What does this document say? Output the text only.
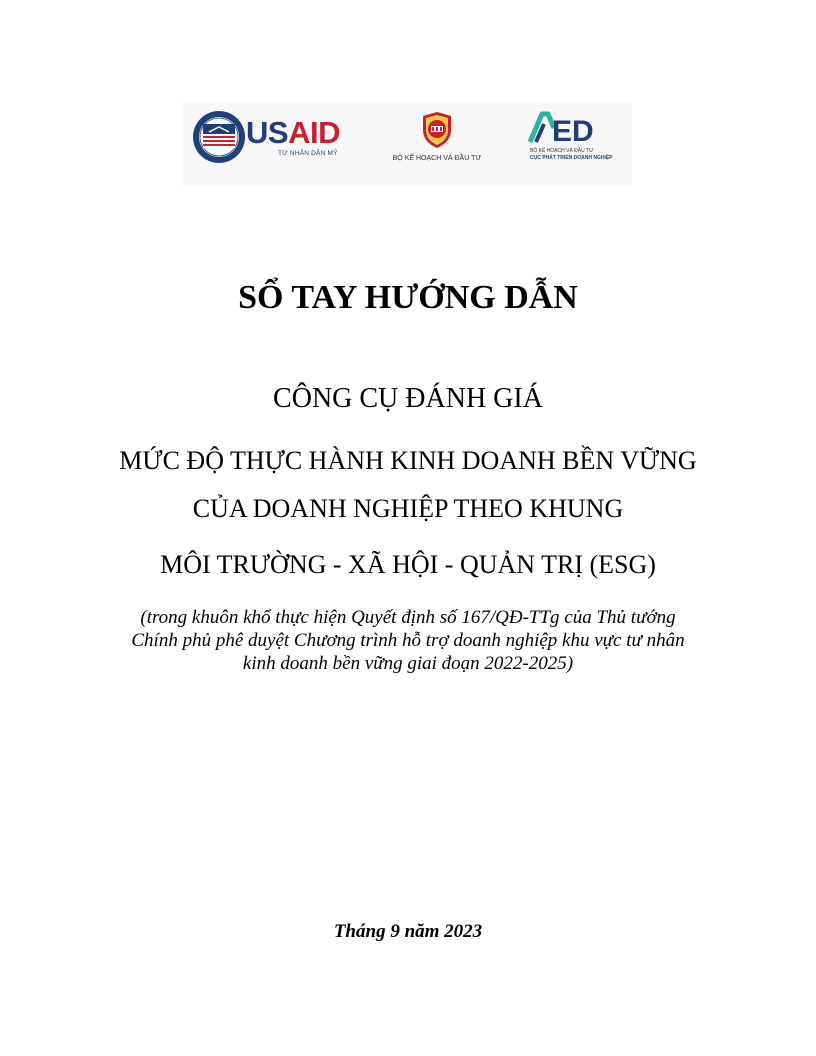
USAID
TỪ NHÂN DÂN MỸ
BỘ KẾ HOẠCH VÀ ĐẦU TƯ
ED
BỘ KẾ HOẠCH VÀ ĐẦU TƯ
CỤC PHÁT TRIỂN DOANH NGHIỆP
SỔ TAY HƯỚNG DẪN
CÔNG CỤ ĐÁNH GIÁ
MỨC ĐỘ THỰC HÀNH KINH DOANH BỀN VỮNG
CỦA DOANH NGHIỆP THEO KHUNG
MÔI TRƯỜNG - XÃ HỘI - QUẢN TRỊ (ESG)
(trong khuôn khổ thực hiện Quyết định số 167/QĐ-TTg của Thủ tướng
Chính phủ phê duyệt Chương trình hỗ trợ doanh nghiệp khu vực tư nhân
kinh doanh bền vững giai đoạn 2022-2025)
Tháng 9 năm 2023
